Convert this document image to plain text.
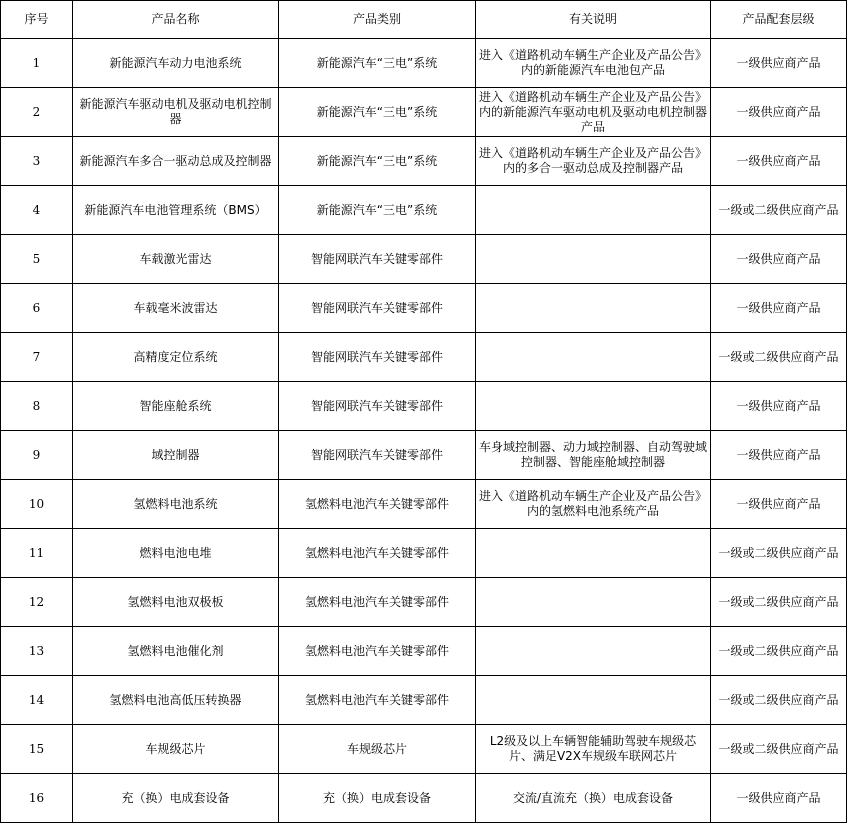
序号	产品名称	产品类别	有关说明	产品配套层级
1	新能源汽车动力电池系统	新能源汽车“三电”系统	进入《道路机动车辆生产企业及产品公告》内的新能源汽车电池包产品	一级供应商产品
2	新能源汽车驱动电机及驱动电机控制器	新能源汽车“三电”系统	进入《道路机动车辆生产企业及产品公告》内的新能源汽车驱动电机及驱动电机控制器产品	一级供应商产品
3	新能源汽车多合一驱动总成及控制器	新能源汽车“三电”系统	进入《道路机动车辆生产企业及产品公告》内的多合一驱动总成及控制器产品	一级供应商产品
4	新能源汽车电池管理系统（BMS）	新能源汽车“三电”系统		一级或二级供应商产品
5	车载激光雷达	智能网联汽车关键零部件		一级供应商产品
6	车载毫米波雷达	智能网联汽车关键零部件		一级供应商产品
7	高精度定位系统	智能网联汽车关键零部件		一级或二级供应商产品
8	智能座舱系统	智能网联汽车关键零部件		一级供应商产品
9	域控制器	智能网联汽车关键零部件	车身域控制器、动力域控制器、自动驾驶域控制器、智能座舱域控制器	一级供应商产品
10	氢燃料电池系统	氢燃料电池汽车关键零部件	进入《道路机动车辆生产企业及产品公告》内的氢燃料电池系统产品	一级供应商产品
11	燃料电池电堆	氢燃料电池汽车关键零部件		一级或二级供应商产品
12	氢燃料电池双极板	氢燃料电池汽车关键零部件		一级或二级供应商产品
13	氢燃料电池催化剂	氢燃料电池汽车关键零部件		一级或二级供应商产品
14	氢燃料电池高低压转换器	氢燃料电池汽车关键零部件		一级或二级供应商产品
15	车规级芯片	车规级芯片	L2级及以上车辆智能辅助驾驶车规级芯片、满足V2X车规级车联网芯片	一级或二级供应商产品
16	充（换）电成套设备	充（换）电成套设备	交流/直流充（换）电成套设备	一级供应商产品
